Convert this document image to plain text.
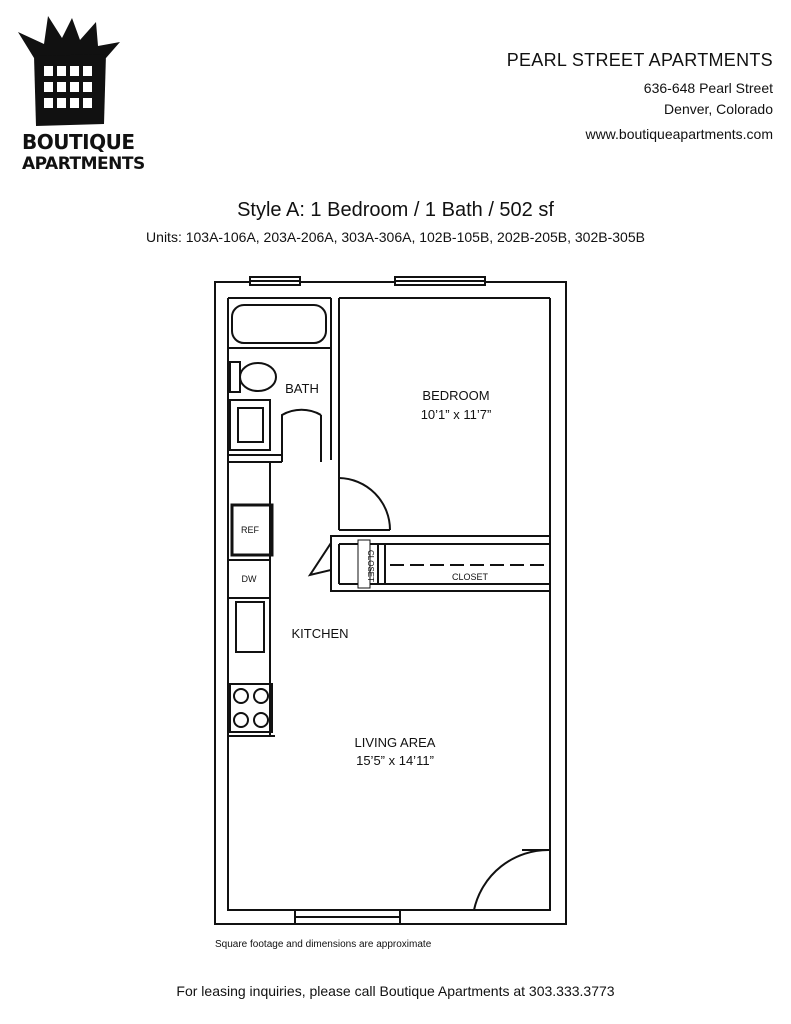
BOUTIQUE
APARTMENTS
PEARL STREET APARTMENTS
636-648 Pearl Street
Denver, Colorado
www.boutiqueapartments.com
Style A: 1 Bedroom / 1 Bath / 502 sf
Units: 103A-106A, 203A-206A, 303A-306A, 102B-105B, 202B-205B, 302B-305B
BATH	BEDROOM
10’1” x 11’7”
KITCHEN
LIVING AREA
15’5” x 14’11”
CLOSET
CLOSET
REF
DW
Square footage and dimensions are approximate
For leasing inquiries, please call Boutique Apartments at 303.333.3773
